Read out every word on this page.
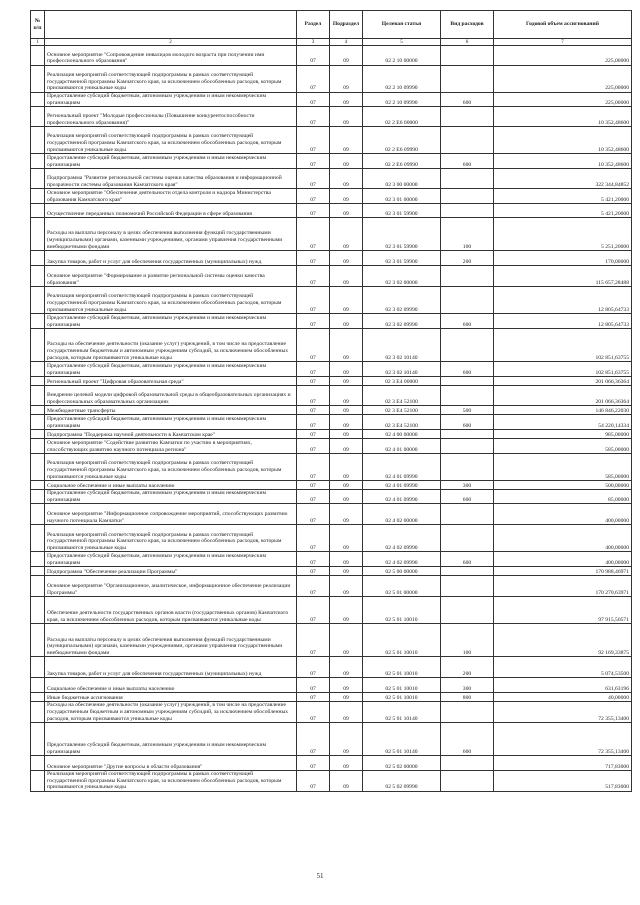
№ п/п		Раздел	Подраздел	Целевая статья	Вид расходов	Годовой объем ассигнований
1	2	3	4	5	6	7
	Основное мероприятие "Сопровождение инвалидов молодого возраста при получении ими профессионального образования"	07	09	02 2 10 00000		225,00000
	Реализация мероприятий соответствующей подпрограммы в рамках соответствующей государственной программы Камчатского края, за исключением обособленных расходов, которым присваиваются уникальные коды	07	09	02 2 10 09990		225,00000
	Предоставление субсидий бюджетным, автономным учреждениям и иным некоммерческим организациям	07	09	02 2 10 09990	600	225,00000
	Региональный проект "Молодые профессионалы (Повышение конкурентоспособности профессионального образования)"	07	09	02 2 E6 00000		10 352,48600
	Реализация мероприятий соответствующей подпрограммы в рамках соответствующей государственной программы Камчатского края, за исключением обособленных расходов, которым присваиваются уникальные коды	07	09	02 2 E6 09990		10 352,48600
	Предоставление субсидий бюджетным, автономным учреждениям и иным некоммерческим организациям	07	09	02 2 E6 09990	600	10 352,48600
	Подпрограмма "Развитие региональной системы оценки качества образования и информационной прозрачности системы образования Камчатского края"	07	09	02 3 00 00000		322 344,84852
	Основное мероприятие "Обеспечение деятельности отдела контроля и надзора Министерства образования Камчатского края"	07	09	02 3 01 00000		5 421,20000
	Осуществление переданных полномочий Российской Федерации в сфере образования	07	09	02 3 01 59900		5 421,20000
	Расходы на выплаты персоналу в целях обеспечения выполнения функций государственными (муниципальными) органами, казенными учреждениями, органами управления государственными внебюджетными фондами	07	09	02 3 01 59900	100	5 251,20000
	Закупка товаров, работ и услуг для обеспечения государственных (муниципальных) нужд	07	09	02 3 01 59900	200	170,00000
	Основное мероприятие "Формирование и развитие региональной системы оценки качества образования"	07	09	02 3 02 00000		115 657,28488
	Реализация мероприятий соответствующей подпрограммы в рамках соответствующей государственной программы Камчатского края, за исключением обособленных расходов, которым присваиваются уникальные коды	07	09	02 3 02 09990		12 805,64733
	Предоставление субсидий бюджетным, автономным учреждениям и иным некоммерческим организациям	07	09	02 3 02 09990	600	12 805,64733
	Расходы на обеспечение деятельности (оказание услуг) учреждений, в том числе на предоставление государственным бюджетным и автономным учреждениям субсидий, за исключением обособленных расходов, которым присваиваются уникальные коды	07	09	02 3 02 10140		102 851,63755
	Предоставление субсидий бюджетным, автономным учреждениям и иным некоммерческим организациям	07	09	02 3 02 10140	600	102 851,63755
	Региональный проект "Цифровая образовательная среда"	07	09	02 3 E4 00000		201 066,36364
	Внедрение целевой модели цифровой образовательной среды в общеобразовательных организациях и профессиональных образовательных организациях	07	09	02 3 E4 52100		201 066,36364
	Межбюджетные трансферты	07	09	02 3 E4 52100	500	146 846,22030
	Предоставление субсидий бюджетным, автономным учреждениям и иным некоммерческим организациям	07	09	02 3 E4 52100	600	54 220,14334
	Подпрограмма "Поддержка научной деятельности в Камчатском крае"	07	09	02 4 00 00000		985,00000
	Основное мероприятие "Содействие развитию Камчатки по участию в мероприятиях, способствующих развитию научного потенциала региона"	07	09	02 4 01 00000		585,00000
	Реализация мероприятий соответствующей подпрограммы в рамках соответствующей государственной программы Камчатского края, за исключением обособленных расходов, которым присваиваются уникальные коды	07	09	02 4 01 09990		585,00000
	Социальное обеспечение и иные выплаты населению	07	09	02 4 01 09990	300	500,00000
	Предоставление субсидий бюджетным, автономным учреждениям и иным некоммерческим организациям	07	09	02 4 01 09990	600	85,00000
	Основное мероприятие "Информационное сопровождение мероприятий, способствующих развитию научного потенциала Камчатки"	07	09	02 4 02 00000		400,00000
	Реализация мероприятий соответствующей подпрограммы в рамках соответствующей государственной программы Камчатского края, за исключением обособленных расходов, которым присваиваются уникальные коды	07	09	02 4 02 09990		400,00000
	Предоставление субсидий бюджетным, автономным учреждениям и иным некоммерческим организациям	07	09	02 4 02 09990	600	400,00000
	Подпрограмма "Обеспечение реализации Программы"	07	09	02 5 00 00000		170 988,46971
	Основное мероприятие "Организационное, аналитическое, информационное обеспечение реализации Программы"	07	09	02 5 01 00000		170 270,63971
	Обеспечение деятельности государственных органов власти (государственных органов) Камчатского края, за исключением обособленных расходов, которым присваиваются уникальные коды	07	09	02 5 01 10010		97 915,50571
	Расходы на выплаты персоналу в целях обеспечения выполнения функций государственными (муниципальными) органами, казенными учреждениями, органами управления государственными внебюджетными фондами	07	09	02 5 01 10010	100	92 169,33875
	Закупка товаров, работ и услуг для обеспечения государственных (муниципальных) нужд	07	09	02 5 01 10010	200	5 074,53500
	Социальное обеспечение и иные выплаты населению	07	09	02 5 01 10010	300	631,63196
	Иные бюджетные ассигнования	07	09	02 5 01 10010	800	40,00000
	Расходы на обеспечение деятельности (оказание услуг) учреждений, в том числе на предоставление государственным бюджетным и автономным учреждениям субсидий, за исключением обособленных расходов, которым присваиваются уникальные коды	07	09	02 5 01 10140		72 355,13400
	Предоставление субсидий бюджетным, автономным учреждениям и иным некоммерческим организациям	07	09	02 5 01 10140	600	72 355,13400
	Основное мероприятие "Другие вопросы в области образования"	07	09	02 5 02 00000		717,83000
	Реализация мероприятий соответствующей подпрограммы в рамках соответствующей государственной программы Камчатского края, за исключением обособленных расходов, которым присваиваются уникальные коды	07	09	02 5 02 09990		517,83000
51
